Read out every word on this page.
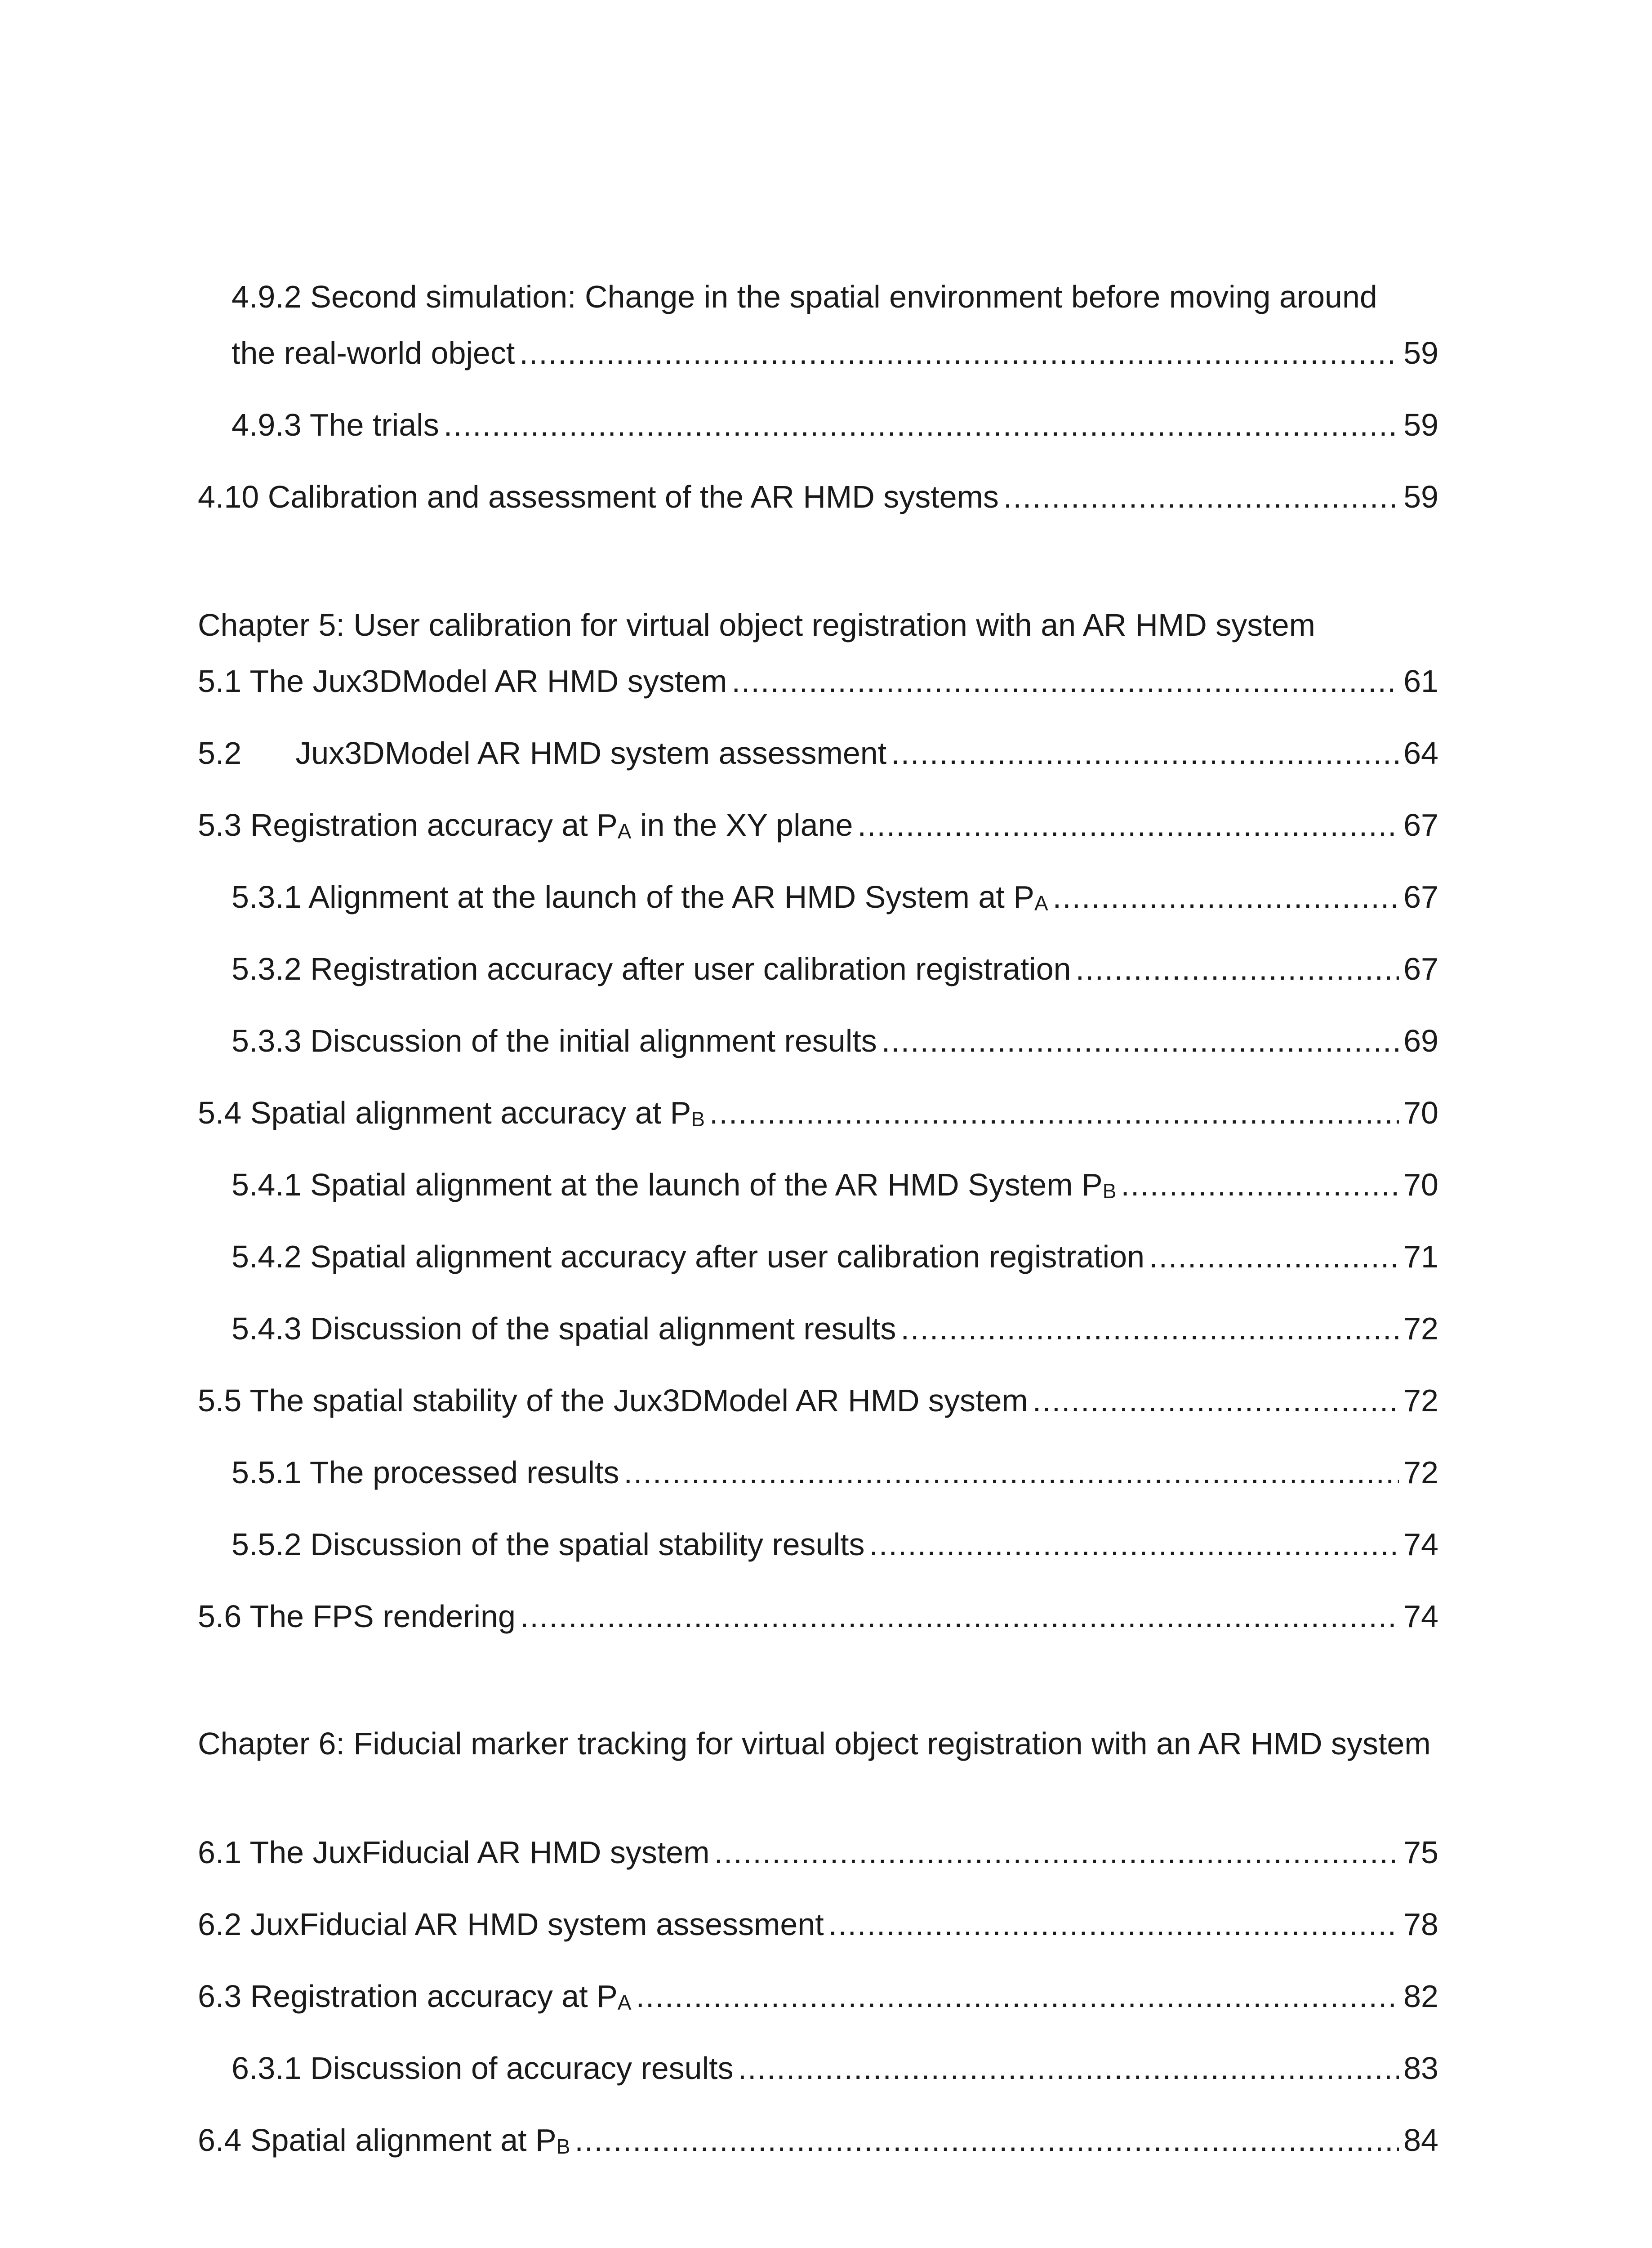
4.9.2 Second simulation: Change in the spatial environment before moving around
the real-world object .....	59
4.9.3 The trials .....	59
4.10 Calibration and assessment of the AR HMD systems .....	59
Chapter 5: User calibration for virtual object registration with an AR HMD system
5.1 The Jux3DModel AR HMD system .....	61
5.2 Jux3DModel AR HMD system assessment .....	64
5.3 Registration accuracy at PA in the XY plane .....	67
5.3.1 Alignment at the launch of the AR HMD System at PA .....	67
5.3.2 Registration accuracy after user calibration registration .....	67
5.3.3 Discussion of the initial alignment results .....	69
5.4 Spatial alignment accuracy at PB .....	70
5.4.1 Spatial alignment at the launch of the AR HMD System PB .....	70
5.4.2 Spatial alignment accuracy after user calibration registration .....	71
5.4.3 Discussion of the spatial alignment results .....	72
5.5 The spatial stability of the Jux3DModel AR HMD system .....	72
5.5.1 The processed results .....	72
5.5.2 Discussion of the spatial stability results .....	74
5.6 The FPS rendering .....	74
Chapter 6: Fiducial marker tracking for virtual object registration with an AR HMD system
6.1 The JuxFiducial AR HMD system .....	75
6.2 JuxFiducial AR HMD system assessment .....	78
6.3 Registration accuracy at PA .....	82
6.3.1 Discussion of accuracy results .....	83
6.4 Spatial alignment at PB .....	84
